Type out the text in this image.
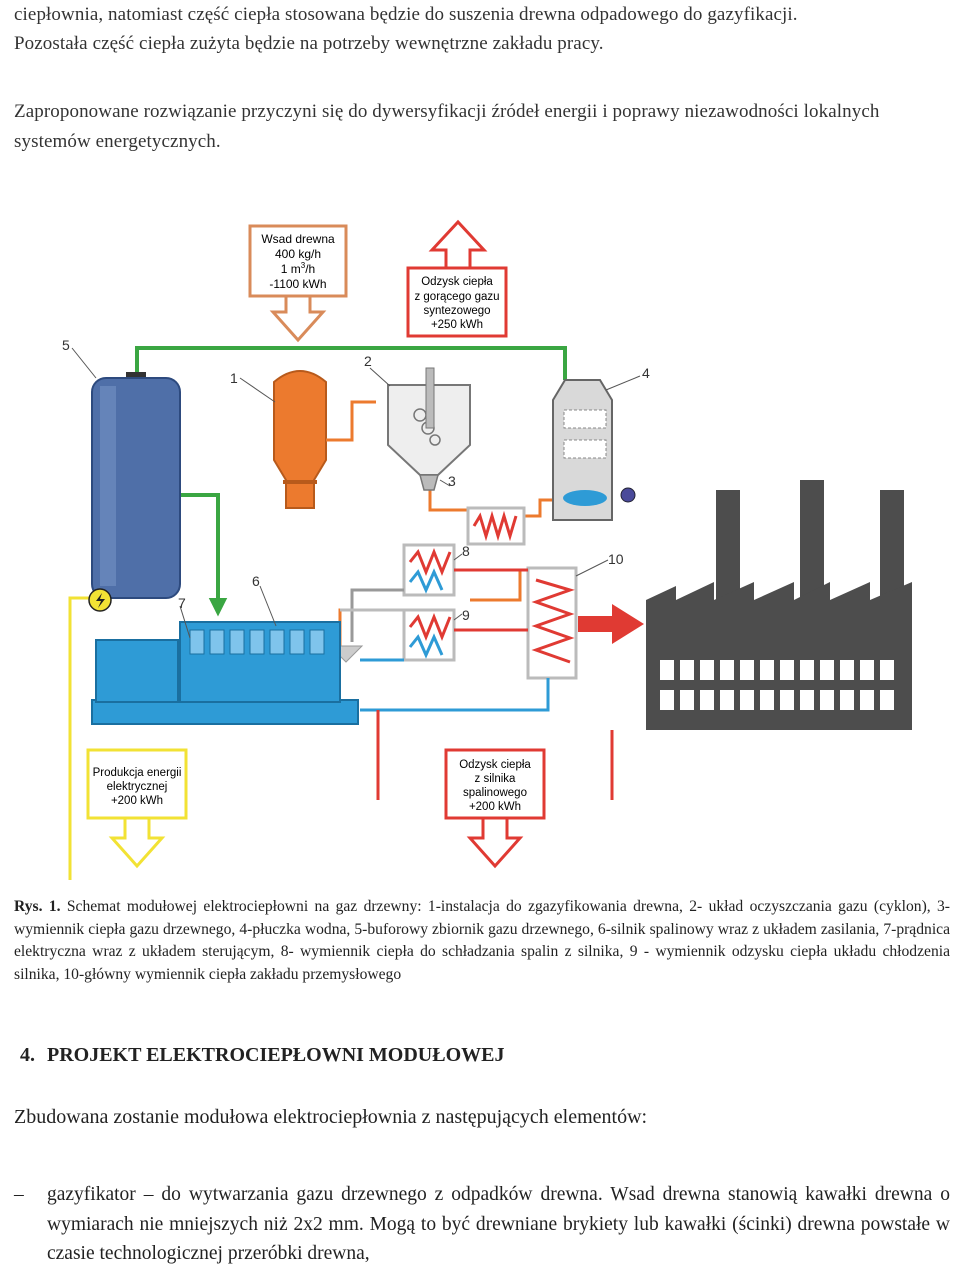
ciepłownia, natomiast część ciepła stosowana będzie do suszenia drewna odpadowego do gazyfikacji.
Pozostała część ciepła zużyta będzie na potrzeby wewnętrzne zakładu pracy.
Zaproponowane rozwiązanie przyczyni się do dywersyfikacji źródeł energii i poprawy niezawodności lokalnych systemów energetycznych.
Wsad drewna
400 kg/h
1 $m^3/h$
-1100 kWh	Odzysk ciepła
z gorącego gazu
syntezowego
+250 kWh
Produkcja energii
elektrycznej
+200 kWh
Odzysk ciepła
z silnika
spalinowego
+200 kWh
5
1
2
3
4
6
7
8
9
10
Rys. 1. Schemat modułowej elektrociepłowni na gaz drzewny: 1-instalacja do zgazyfikowania drewna, 2- układ oczyszczania gazu (cyklon), 3-wymiennik ciepła gazu drzewnego, 4-płuczka wodna, 5-buforowy zbiornik gazu drzewnego, 6-silnik spalinowy wraz z układem zasilania, 7-prądnica elektryczna wraz z układem sterującym, 8- wymiennik ciepła do schładzania spalin z silnika, 9 - wymiennik odzysku ciepła układu chłodzenia silnika, 10-główny wymiennik ciepła zakładu przemysłowego
4. PROJEKT ELEKTROCIEPŁOWNI MODUŁOWEJ
Zbudowana zostanie modułowa elektrociepłownia z następujących elementów:
– gazyfikator – do wytwarzania gazu drzewnego z odpadków drewna. Wsad drewna stanowią kawałki drewna o wymiarach nie mniejszych niż 2x2 mm. Mogą to być drewniane brykiety lub kawałki (ścinki) drewna powstałe w czasie technologicznej przeróbki drewna,
